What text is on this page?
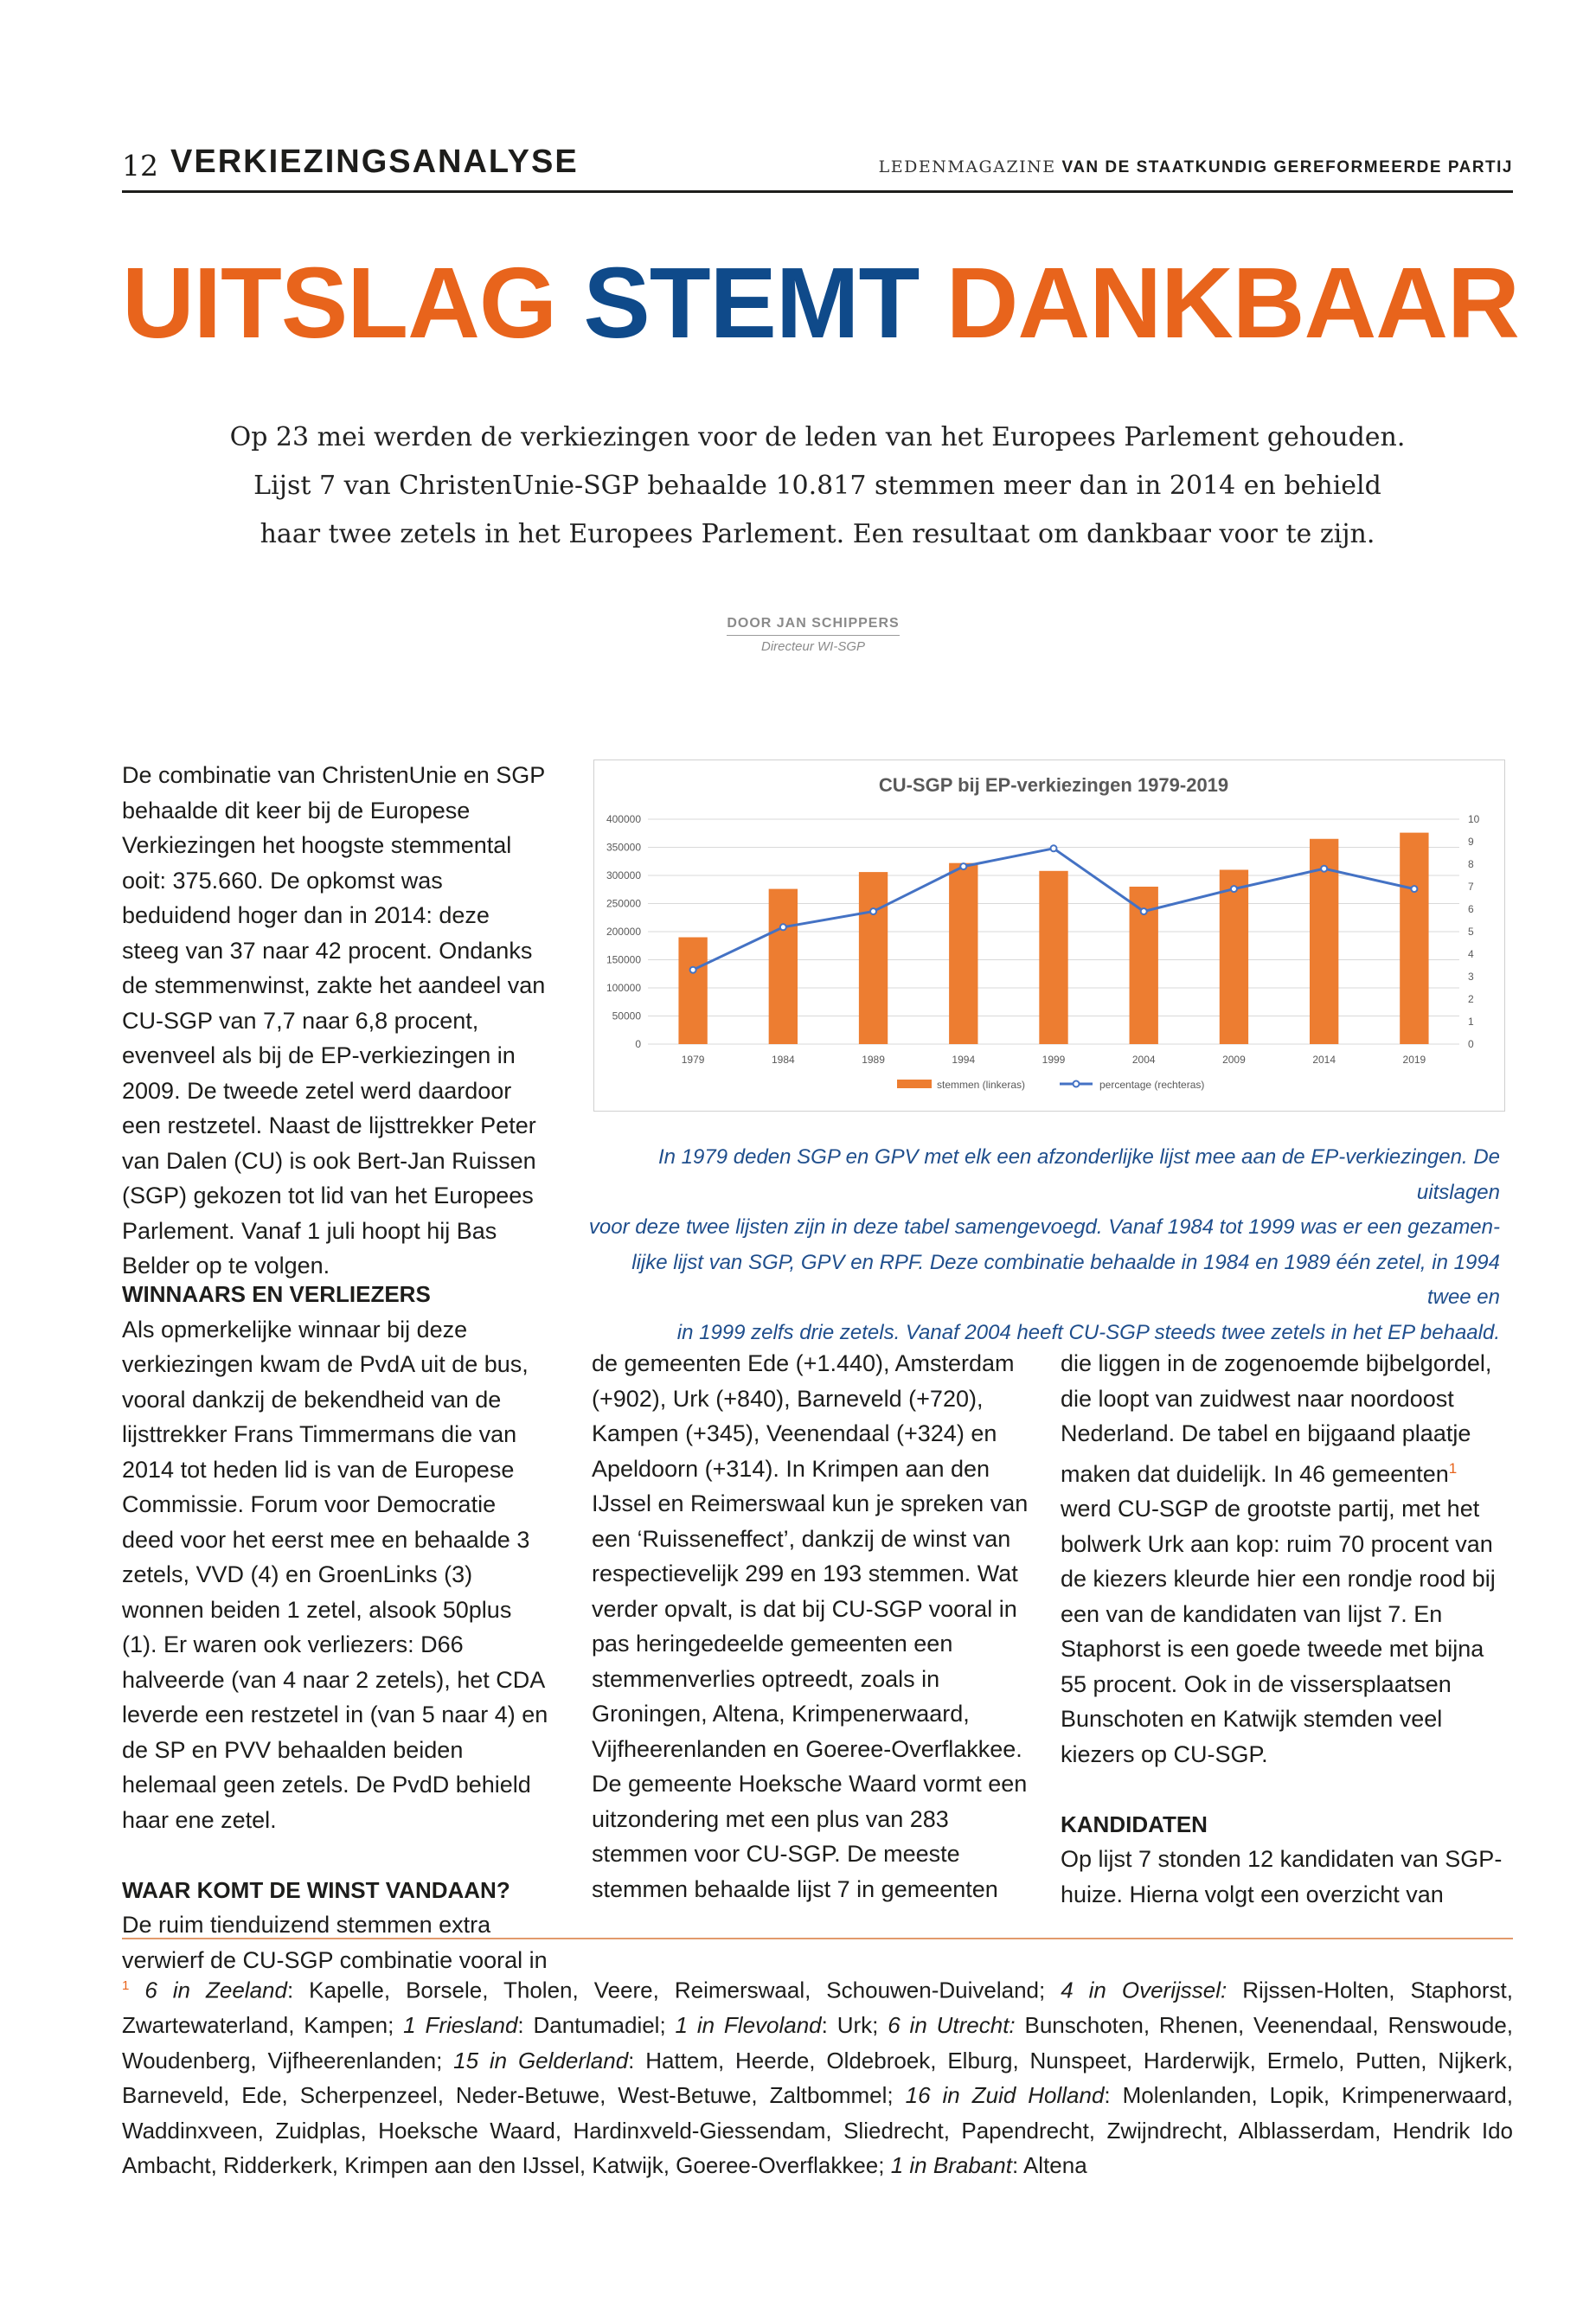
12 VERKIEZINGSANALYSE	LEDENMAGAZINE VAN DE STAATKUNDIG GEREFORMEERDE PARTIJ
UITSLAG STEMT DANKBAAR

Op 23 mei werden de verkiezingen voor de leden van het Europees Parlement gehouden.

Lijst 7 van ChristenUnie-SGP behaalde 10.817 stemmen meer dan in 2014 en behield

haar twee zetels in het Europees Parlement. Een resultaat om dankbaar voor te zijn.

DOOR JAN SCHIPPERS
Directeur WI-SGP

De combinatie van ChristenUnie en SGP behaalde dit keer bij de Europese Verkiezingen het hoogste stemmental ooit: 375.660. De opkomst was beduidend hoger dan in 2014: deze steeg van 37 naar 42 procent. Ondanks de stemmenwinst, zakte het aandeel van CU-SGP van 7,7 naar 6,8 procent, evenveel als bij de EP-verkiezingen in 2009. De tweede zetel werd daardoor een restzetel. Naast de lijsttrekker Peter van Dalen (CU) is ook Bert-Jan Ruissen (SGP) gekozen tot lid van het Europees Parlement. Vanaf 1 juli hoopt hij Bas Belder op te volgen.

WINNAARS EN VERLIEZERS

Als opmerkelijke winnaar bij deze verkiezingen kwam de PvdA uit de bus, vooral dankzij de bekendheid van de lijsttrekker Frans Timmermans die van 2014 tot heden lid is van de Europese Commissie. Forum voor Democratie deed voor het eerst mee en behaalde 3 zetels, VVD (4) en GroenLinks (3) wonnen beiden 1 zetel, alsook 50plus (1). Er waren ook verliezers: D66 halveerde (van 4 naar 2 zetels), het CDA leverde een restzetel in (van 5 naar 4) en de SP en PVV behaalden beiden helemaal geen zetels. De PvdD behield haar ene zetel.

WAAR KOMT DE WINST VANDAAN?

De ruim tienduizend stemmen extra verwierf de CU-SGP combinatie vooral in

de gemeenten Ede (+1.440), Amsterdam (+902), Urk (+840), Barneveld (+720), Kampen (+345), Veenendaal (+324) en Apeldoorn (+314). In Krimpen aan den IJssel en Reimerswaal kun je spreken van een ‘Ruisseneffect’, dankzij de winst van respectievelijk 299 en 193 stemmen. Wat verder opvalt, is dat bij CU-SGP vooral in pas heringedeelde gemeenten een stemmenverlies optreedt, zoals in Groningen, Altena, Krimpenerwaard, Vijfheerenlanden en Goeree-Overflakkee. De gemeente Hoeksche Waard vormt een uitzondering met een plus van 283 stemmen voor CU-SGP. De meeste stemmen behaalde lijst 7 in gemeenten

die liggen in de zogenoemde bijbelgordel, die loopt van zuidwest naar noordoost Nederland. De tabel en bijgaand plaatje maken dat duidelijk. In 46 gemeenten$^1$ werd CU-SGP de grootste partij, met het bolwerk Urk aan kop: ruim 70 procent van de kiezers kleurde hier een rondje rood bij een van de kandidaten van lijst 7. En Staphorst is een goede tweede met bijna 55 procent. Ook in de vissersplaatsen Bunschoten en Katwijk stemden veel kiezers op CU-SGP.

KANDIDATEN

Op lijst 7 stonden 12 kandidaten van SGP-huize. Hierna volgt een overzicht van

CU-SGP bij EP-verkiezingen 1979-2019
0
50000
100000
150000
200000
250000
300000
350000
400000
0
1
2
3
4
5
6
7
8
9
10
1979	1984	1989	1994	1999	2004	2009	2014	2019
stemmen (linkeras)	percentage (rechteras)

In 1979 deden SGP en GPV met elk een afzonderlijke lijst mee aan de EP-verkiezingen. De uitslagen

voor deze twee lijsten zijn in deze tabel samengevoegd. Vanaf 1984 tot 1999 was er een gezamen-

lijke lijst van SGP, GPV en RPF. Deze combinatie behaalde in 1984 en 1989 één zetel, in 1994 twee en

in 1999 zelfs drie zetels. Vanaf 2004 heeft CU-SGP steeds twee zetels in het EP behaald.

$^1$ 6 in Zeeland: Kapelle, Borsele, Tholen, Veere, Reimerswaal, Schouwen-Duiveland; 4 in Overijssel: Rijssen-Holten, Staphorst, Zwartewaterland, Kampen; 1 Friesland: Dantumadiel; 1 in Flevoland: Urk; 6 in Utrecht: Bunschoten, Rhenen, Veenendaal, Renswoude, Woudenberg, Vijfheerenlanden; 15 in Gelderland: Hattem, Heerde, Oldebroek, Elburg, Nunspeet, Harderwijk, Ermelo, Putten, Nijkerk, Barneveld, Ede, Scherpenzeel, Neder-Betuwe, West-Betuwe, Zaltbommel; 16 in Zuid Holland: Molenlanden, Lopik, Krimpenerwaard, Waddinxveen, Zuidplas, Hoeksche Waard, Hardinxveld-Giessendam, Sliedrecht, Papendrecht, Zwijndrecht, Alblasserdam, Hendrik Ido Ambacht, Ridderkerk, Krimpen aan den IJssel, Katwijk, Goeree-Overflakkee; 1 in Brabant: Altena
